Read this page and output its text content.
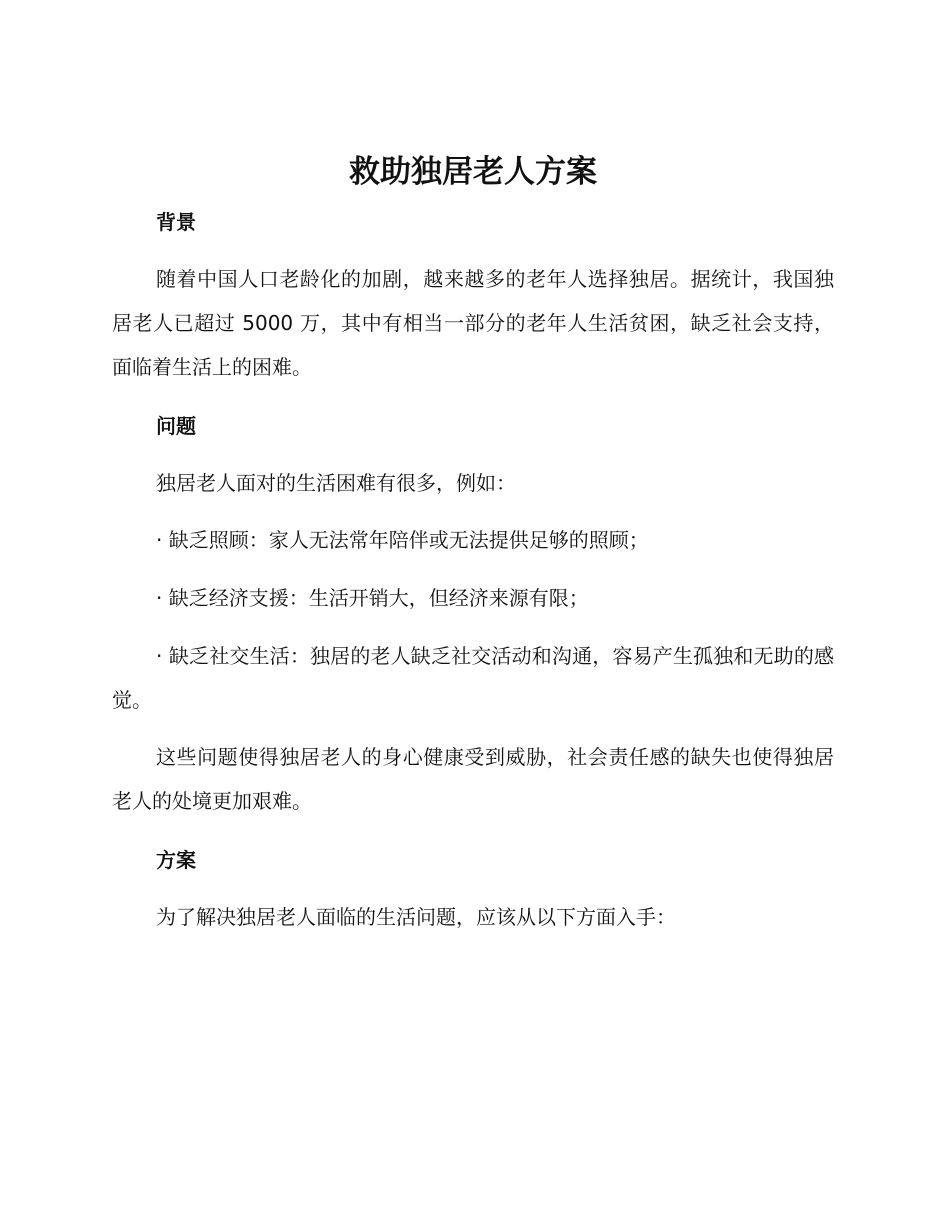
救助独居老人方案
背景

随着中国人口老龄化的加剧，越来越多的老年人选择独居。据统计，我国独居老人已超过 5000 万，其中有相当一部分的老年人生活贫困，缺乏社会支持，面临着生活上的困难。

问题

独居老人面对的生活困难有很多，例如：

· 缺乏照顾：家人无法常年陪伴或无法提供足够的照顾；

· 缺乏经济支援：生活开销大，但经济来源有限；

· 缺乏社交生活：独居的老人缺乏社交活动和沟通，容易产生孤独和无助的感觉。

这些问题使得独居老人的身心健康受到威胁，社会责任感的缺失也使得独居老人的处境更加艰难。

方案

为了解决独居老人面临的生活问题，应该从以下方面入手：
